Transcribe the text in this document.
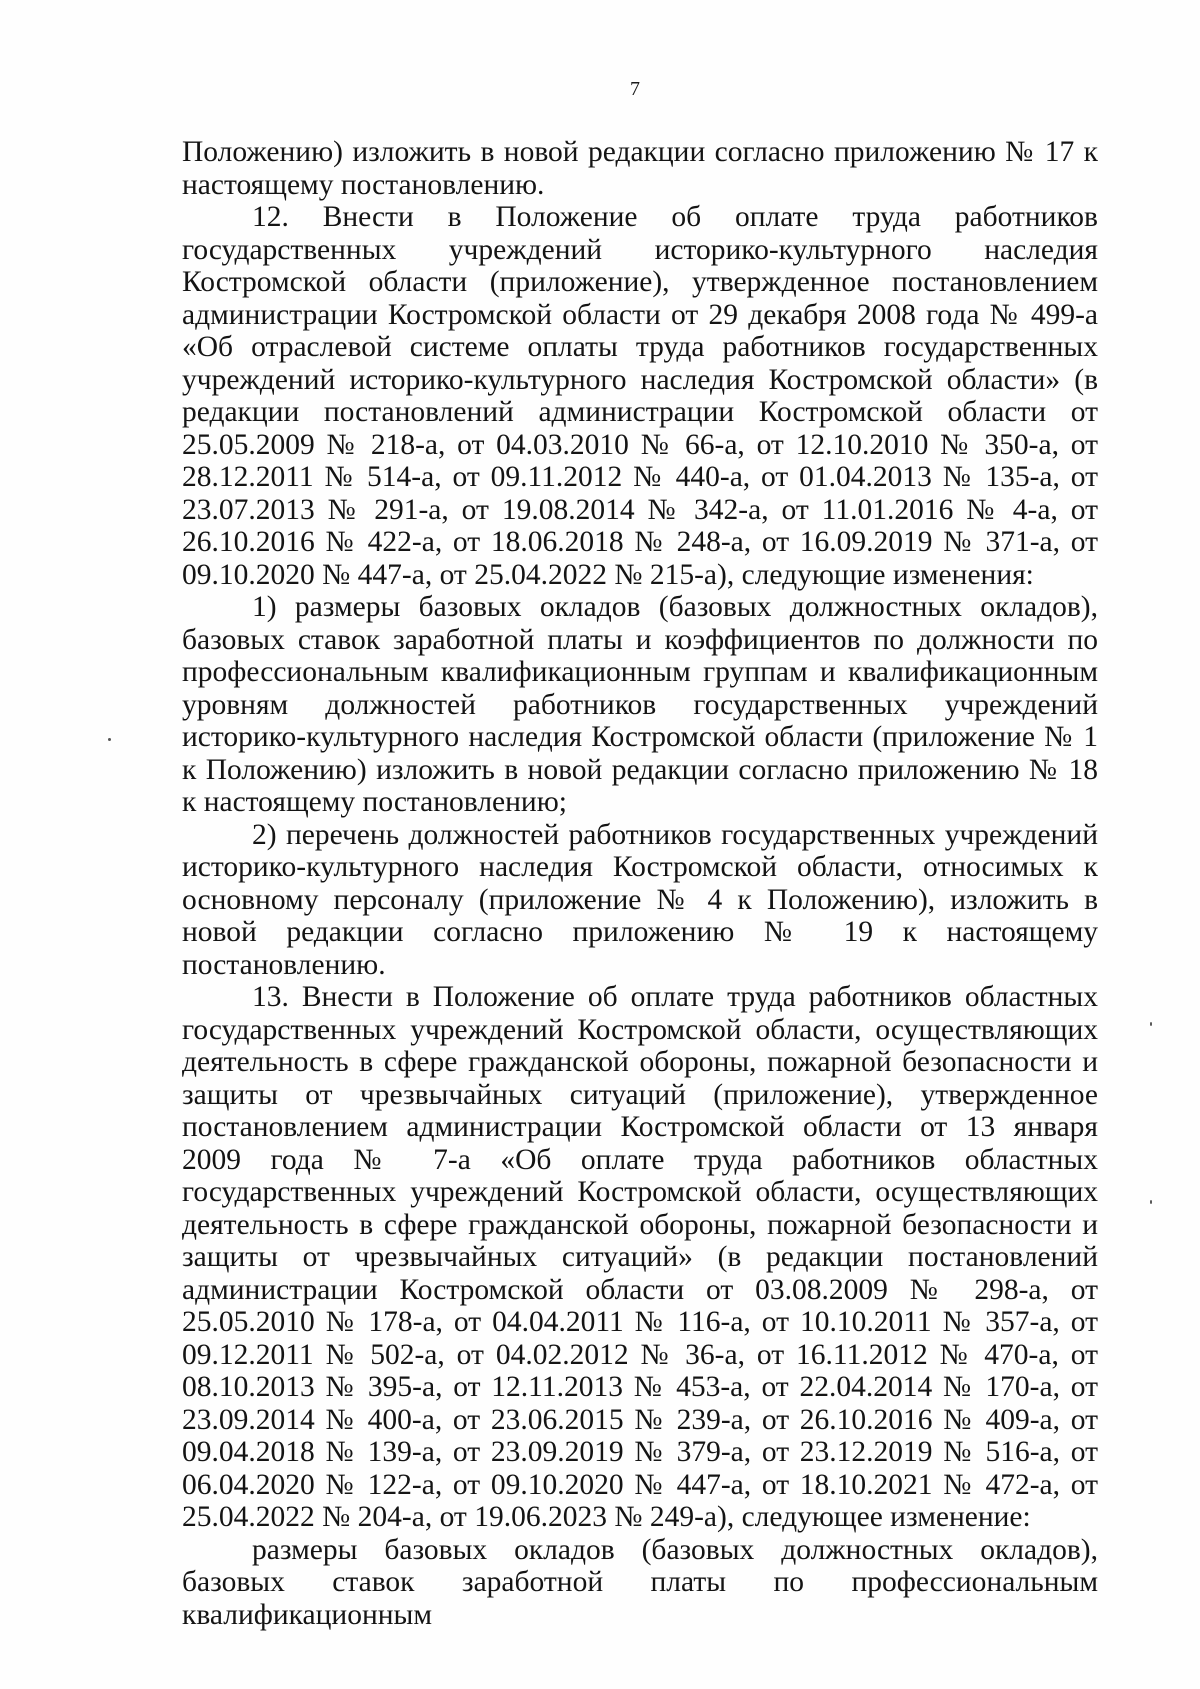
7

Положению) изложить в новой редакции согласно приложению № 17 к настоящему постановлению.

12. Внести в Положение об оплате труда работников государственных учреждений историко-культурного наследия Костромской области (приложение), утвержденное постановлением администрации Костромской области от 29 декабря 2008 года № 499-а «Об отраслевой системе оплаты труда работников государственных учреждений историко-культурного наследия Костромской области» (в редакции постановлений администрации Костромской области от 25.05.2009 № 218-а, от 04.03.2010 № 66-а, от 12.10.2010 № 350-а, от 28.12.2011 № 514-а, от 09.11.2012 № 440-а, от 01.04.2013 № 135-а, от 23.07.2013 № 291-а, от 19.08.2014 № 342-а, от 11.01.2016 № 4-а, от 26.10.2016 № 422-а, от 18.06.2018 № 248-а, от 16.09.2019 № 371-а, от 09.10.2020 № 447-а, от 25.04.2022 № 215-а), следующие изменения:

1) размеры базовых окладов (базовых должностных окладов), базовых ставок заработной платы и коэффициентов по должности по профессиональным квалификационным группам и квалификационным уровням должностей работников государственных учреждений историко-культурного наследия Костромской области (приложение № 1 к Положению) изложить в новой редакции согласно приложению № 18 к настоящему постановлению;

2) перечень должностей работников государственных учреждений историко-культурного наследия Костромской области, относимых к основному персоналу (приложение № 4 к Положению), изложить в новой редакции согласно приложению № 19 к настоящему постановлению.

13. Внести в Положение об оплате труда работников областных государственных учреждений Костромской области, осуществляющих деятельность в сфере гражданской обороны, пожарной безопасности и защиты от чрезвычайных ситуаций (приложение), утвержденное постановлением администрации Костромской области от 13 января 2009 года № 7-а «Об оплате труда работников областных государственных учреждений Костромской области, осуществляющих деятельность в сфере гражданской обороны, пожарной безопасности и защиты от чрезвычайных ситуаций» (в редакции постановлений администрации Костромской области от 03.08.2009 № 298-а, от 25.05.2010 № 178-а, от 04.04.2011 № 116-а, от 10.10.2011 № 357-а, от 09.12.2011 № 502-а, от 04.02.2012 № 36-а, от 16.11.2012 № 470-а, от 08.10.2013 № 395-а, от 12.11.2013 № 453-а, от 22.04.2014 № 170-а, от 23.09.2014 № 400-а, от 23.06.2015 № 239-а, от 26.10.2016 № 409-а, от 09.04.2018 № 139-а, от 23.09.2019 № 379-а, от 23.12.2019 № 516-а, от 06.04.2020 № 122-а, от 09.10.2020 № 447-а, от 18.10.2021 № 472-а, от 25.04.2022 № 204-а, от 19.06.2023 № 249-а), следующее изменение:

размеры базовых окладов (базовых должностных окладов), базовых ставок заработной платы по профессиональным квалификационным
